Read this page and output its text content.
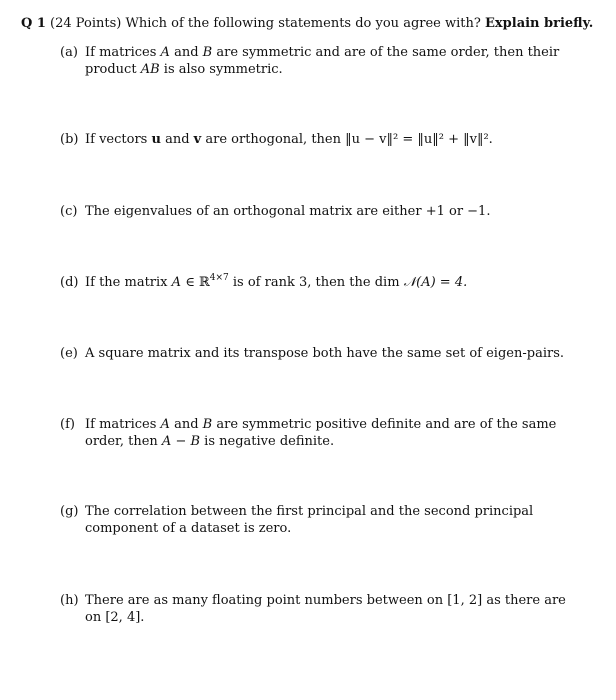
Q 1 (24 Points) Which of the following statements do you agree with? Explain briefly.
(a) If matrices A and B are symmetric and are of the same order, then their product AB is also symmetric.
(b) If vectors u and v are orthogonal, then ‖u − v‖² = ‖u‖² + ‖v‖².
(c) The eigenvalues of an orthogonal matrix are either +1 or −1.
(d) If the matrix A ∈ ℝ$^{4\times 7}$ is of rank 3, then the dim 𝒩(A) = 4.
(e) A square matrix and its transpose both have the same set of eigen-pairs.
(f) If matrices A and B are symmetric positive definite and are of the same order, then A − B is negative definite.
(g) The correlation between the first principal and the second principal component of a dataset is zero.
(h) There are as many floating point numbers between on [1, 2] as there are on [2, 4].
